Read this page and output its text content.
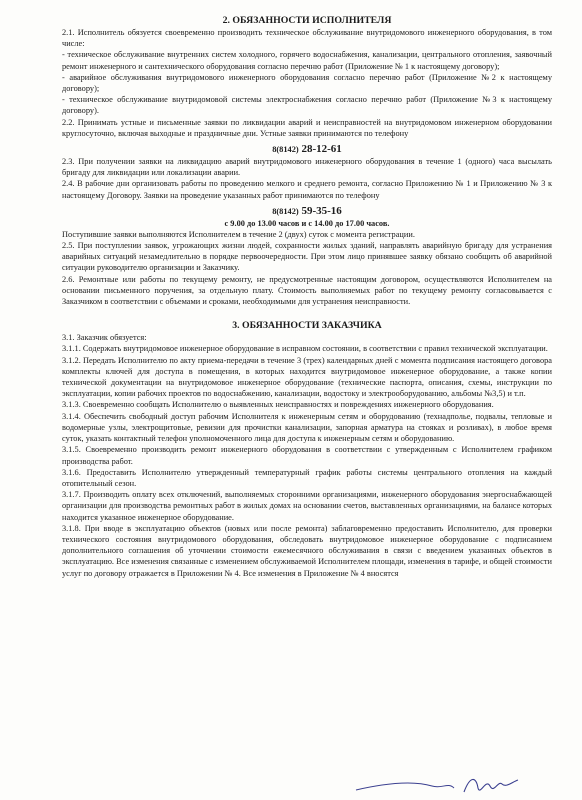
2. ОБЯЗАННОСТИ ИСПОЛНИТЕЛЯ

2.1. Исполнитель обязуется своевременно производить техническое обслуживание внутридомового инженерного оборудования, в том числе:

- техническое обслуживание внутренних систем холодного, горячего водоснабжения, канализации, центрального отопления, заявочный ремонт инженерного и сантехнического оборудования согласно перечню работ (Приложение № 1 к настоящему договору);

- аварийное обслуживания внутридомового инженерного оборудования согласно перечню работ (Приложение №2 к настоящему договору);

- техническое обслуживание внутридомовой системы электроснабжения согласно перечню работ (Приложение №3 к настоящему договору).

2.2. Принимать устные и письменные заявки по ликвидации аварий и неисправностей на внутридомовом инженерном оборудовании круглосуточно, включая выходные и праздничные дни. Устные заявки принимаются по телефону

8(8142) 28-12-61

2.3. При получении заявки на ликвидацию аварий внутридомового инженерного оборудования в течение 1 (одного) часа высылать бригаду для ликвидации или локализации аварии.

2.4. В рабочие дни организовать работы по проведению мелкого и среднего ремонта, согласно Приложению № 1 и Приложению № 3 к настоящему Договору. Заявки на проведение указанных работ принимаются по телефону

8(8142) 59-35-16

с 9.00 до 13.00 часов и с 14.00 до 17.00 часов.

Поступившие заявки выполняются Исполнителем в течение 2 (двух) суток с момента регистрации.

2.5. При поступлении заявок, угрожающих жизни людей, сохранности жилых зданий, направлять аварийную бригаду для устранения аварийных ситуаций незамедлительно в порядке первоочередности. При этом лицо принявшее заявку обязано сообщить об аварийной ситуации руководителю организации и Заказчику.

2.6. Ремонтные или работы по текущему ремонту, не предусмотренные настоящим договором, осуществляются Исполнителем на основании письменного поручения, за отдельную плату. Стоимость выполняемых работ по текущему ремонту согласовывается с Заказчиком в соответствии с объемами и сроками, необходимыми для устранения неисправности.

3. ОБЯЗАННОСТИ ЗАКАЗЧИКА

3.1. Заказчик обязуется:

3.1.1. Содержать внутридомовое инженерное оборудование в исправном состоянии, в соответствии с правил технической эксплуатации.

3.1.2. Передать Исполнителю по акту приема-передачи в течение 3 (трех) календарных дней с момента подписания настоящего договора комплекты ключей для доступа в помещения, в которых находится внутридомовое инженерное оборудование, а также копии технической документации на внутридомовое инженерное оборудование (технические паспорта, описания, схемы, инструкции по эксплуатации, копии рабочих проектов по водоснабжению, канализации, водостоку и электрооборудованию, альбомы №3,5) и т.п.

3.1.3. Своевременно сообщать Исполнителю о выявленных неисправностях и повреждениях инженерного оборудования.

3.1.4. Обеспечить свободный доступ рабочим Исполнителя к инженерным сетям и оборудованию (технадполье, подвалы, тепловые и водомерные узлы, электрощитовые, ревизии для прочистки канализации, запорная арматура на стояках и розливах), в любое время суток, указать контактный телефон уполномоченного лица для доступа к инженерным сетям и оборудованию.

3.1.5. Своевременно производить ремонт инженерного оборудования в соответствии с утвержденным с Исполнителем графиком производства работ.

3.1.6. Предоставить Исполнителю утвержденный температурный график работы системы центрального отопления на каждый отопительный сезон.

3.1.7. Производить оплату всех отключений, выполняемых сторонними организациями, инженерного оборудования энергоснабжающей организации для производства ремонтных работ в жилых домах на основании счетов, выставленных организациями, на балансе которых находится указанное инженерное оборудование.

3.1.8. При вводе в эксплуатацию объектов (новых или после ремонта) заблаговременно предоставить Исполнителю, для проверки технического состояния внутридомового оборудования, обследовать внутридомовое инженерное оборудование с подписанием дополнительного соглашения об уточнении стоимости ежемесячного обслуживания в связи с введением указанных объектов в эксплуатацию. Все изменения связанные с изменением обслуживаемой Исполнителем площади, изменения в тарифе, и общей стоимости услуг по договору отражается в Приложении № 4. Все изменения в Приложение № 4 вносятся
